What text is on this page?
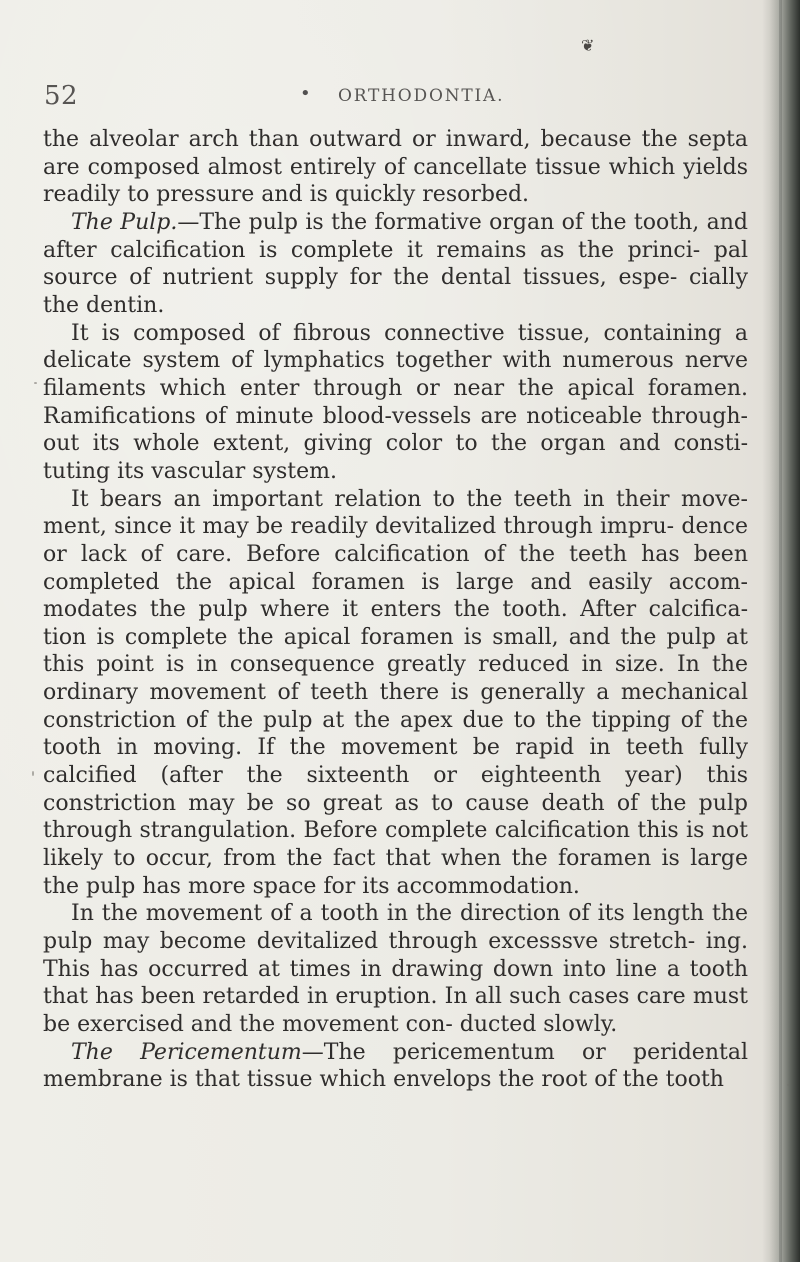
❦
52	• ORTHODONTIA.

the alveolar arch than outward or inward, because the septa are composed almost entirely of cancellate tissue which yields readily to pressure and is quickly resorbed.

The Pulp.—The pulp is the formative organ of the tooth, and after calcification is complete it remains as the princi- pal source of nutrient supply for the dental tissues, espe- cially the dentin.

It is composed of fibrous connective tissue, containing a delicate system of lymphatics together with numerous nerve filaments which enter through or near the apical foramen. Ramifications of minute blood-vessels are noticeable through- out its whole extent, giving color to the organ and consti- tuting its vascular system.

It bears an important relation to the teeth in their move- ment, since it may be readily devitalized through impru- dence or lack of care. Before calcification of the teeth has been completed the apical foramen is large and easily accom- modates the pulp where it enters the tooth. After calcifica- tion is complete the apical foramen is small, and the pulp at this point is in consequence greatly reduced in size. In the ordinary movement of teeth there is generally a mechanical constriction of the pulp at the apex due to the tipping of the tooth in moving. If the movement be rapid in teeth fully calcified (after the sixteenth or eighteenth year) this constriction may be so great as to cause death of the pulp through strangulation. Before complete calcification this is not likely to occur, from the fact that when the foramen is large the pulp has more space for its accommodation.

In the movement of a tooth in the direction of its length the pulp may become devitalized through excesssve stretch- ing. This has occurred at times in drawing down into line a tooth that has been retarded in eruption. In all such cases care must be exercised and the movement con- ducted slowly.

The Pericementum—The pericementum or peridental membrane is that tissue which envelops the root of the tooth
